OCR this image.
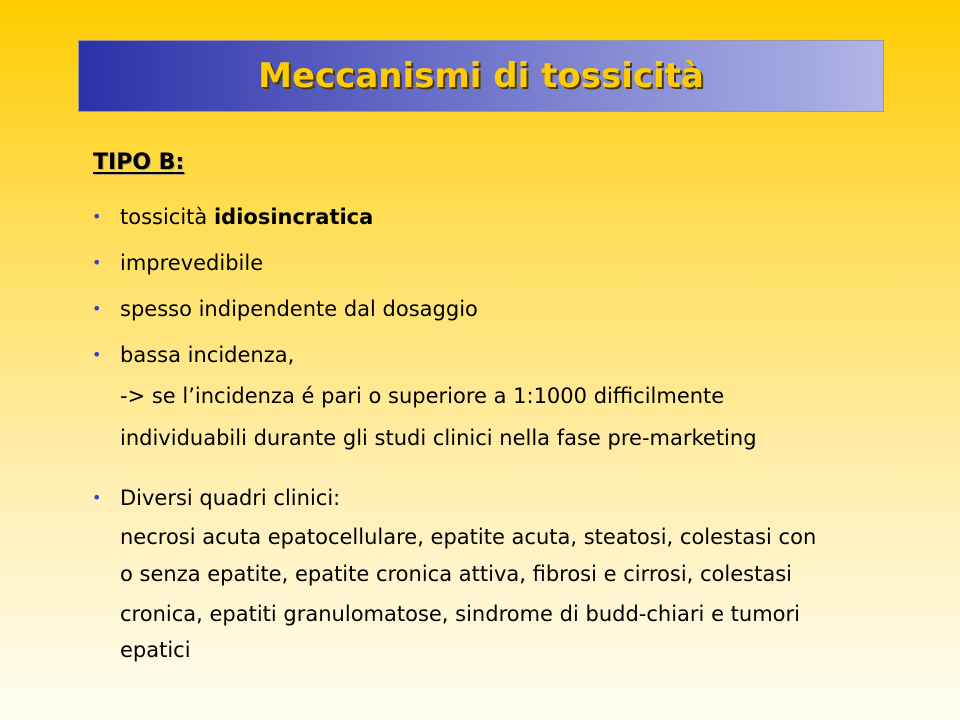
Meccanismi di tossicità
TIPO B:
• tossicità idiosincratica
• imprevedibile
• spesso indipendente dal dosaggio
• bassa incidenza,
-> se l’incidenza é pari o superiore a 1:1000 difficilmente
individuabili durante gli studi clinici nella fase pre-marketing
• Diversi quadri clinici:
necrosi acuta epatocellulare, epatite acuta, steatosi, colestasi con
o senza epatite, epatite cronica attiva, fibrosi e cirrosi, colestasi
cronica, epatiti granulomatose, sindrome di budd-chiari e tumori
epatici
